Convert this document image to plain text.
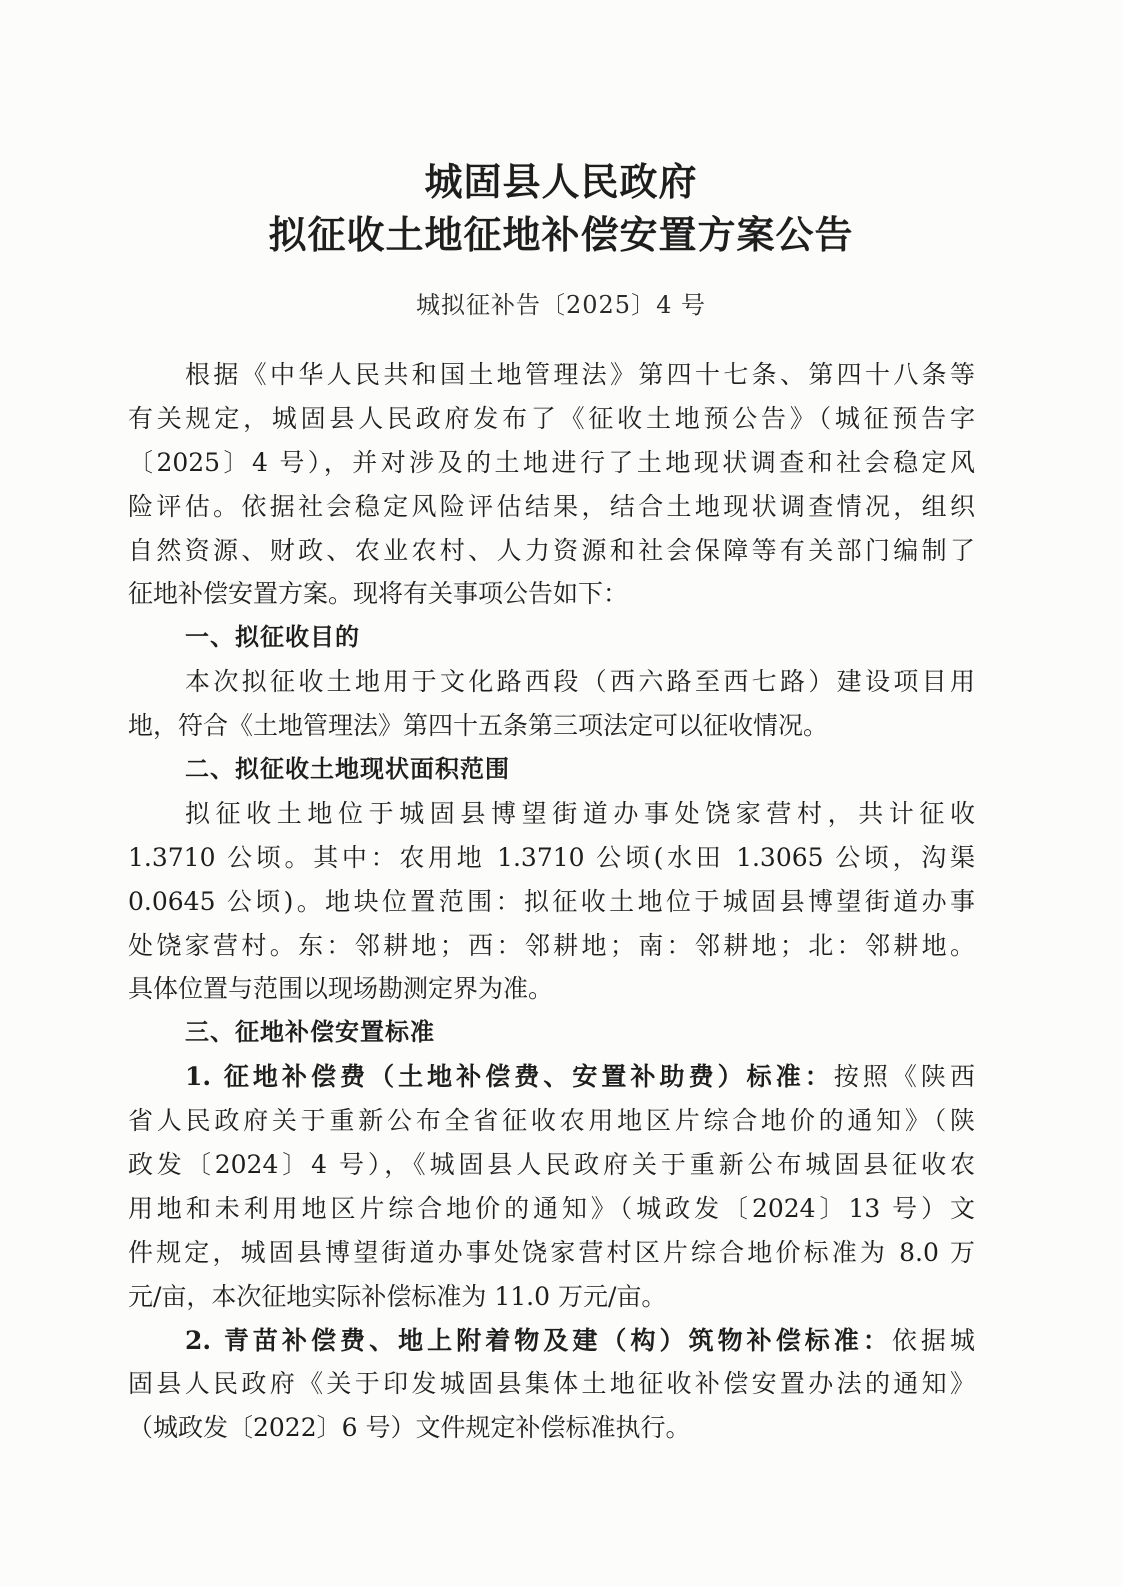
城固县人民政府
拟征收土地征地补偿安置方案公告
城拟征补告〔2025〕4 号
根据《中华人民共和国土地管理法》第四十七条、第四十八条等
有关规定，城固县人民政府发布了《征收土地预公告》（城征预告字
〔2025〕4 号），并对涉及的土地进行了土地现状调查和社会稳定风
险评估。依据社会稳定风险评估结果，结合土地现状调查情况，组织
自然资源、财政、农业农村、人力资源和社会保障等有关部门编制了
征地补偿安置方案。现将有关事项公告如下：
一、拟征收目的
本次拟征收土地用于文化路西段（西六路至西七路）建设项目用
地，符合《土地管理法》第四十五条第三项法定可以征收情况。
二、拟征收土地现状面积范围
拟征收土地位于城固县博望街道办事处饶家营村，共计征收
1.3710 公顷。其中：农用地 1.3710 公顷(水田 1.3065 公顷，沟渠
0.0645 公顷)。地块位置范围：拟征收土地位于城固县博望街道办事
处饶家营村。东：邻耕地；西：邻耕地；南：邻耕地；北：邻耕地。
具体位置与范围以现场勘测定界为准。
三、征地补偿安置标准
1. 征地补偿费（土地补偿费、安置补助费）标准：按照《陕西
省人民政府关于重新公布全省征收农用地区片综合地价的通知》（陕
政发〔2024〕4 号），《城固县人民政府关于重新公布城固县征收农
用地和未利用地区片综合地价的通知》（城政发〔2024〕13 号）文
件规定，城固县博望街道办事处饶家营村区片综合地价标准为 8.0 万
元/亩，本次征地实际补偿标准为 11.0 万元/亩。
2. 青苗补偿费、地上附着物及建（构）筑物补偿标准：依据城
固县人民政府《关于印发城固县集体土地征收补偿安置办法的通知》
（城政发〔2022〕6 号）文件规定补偿标准执行。
